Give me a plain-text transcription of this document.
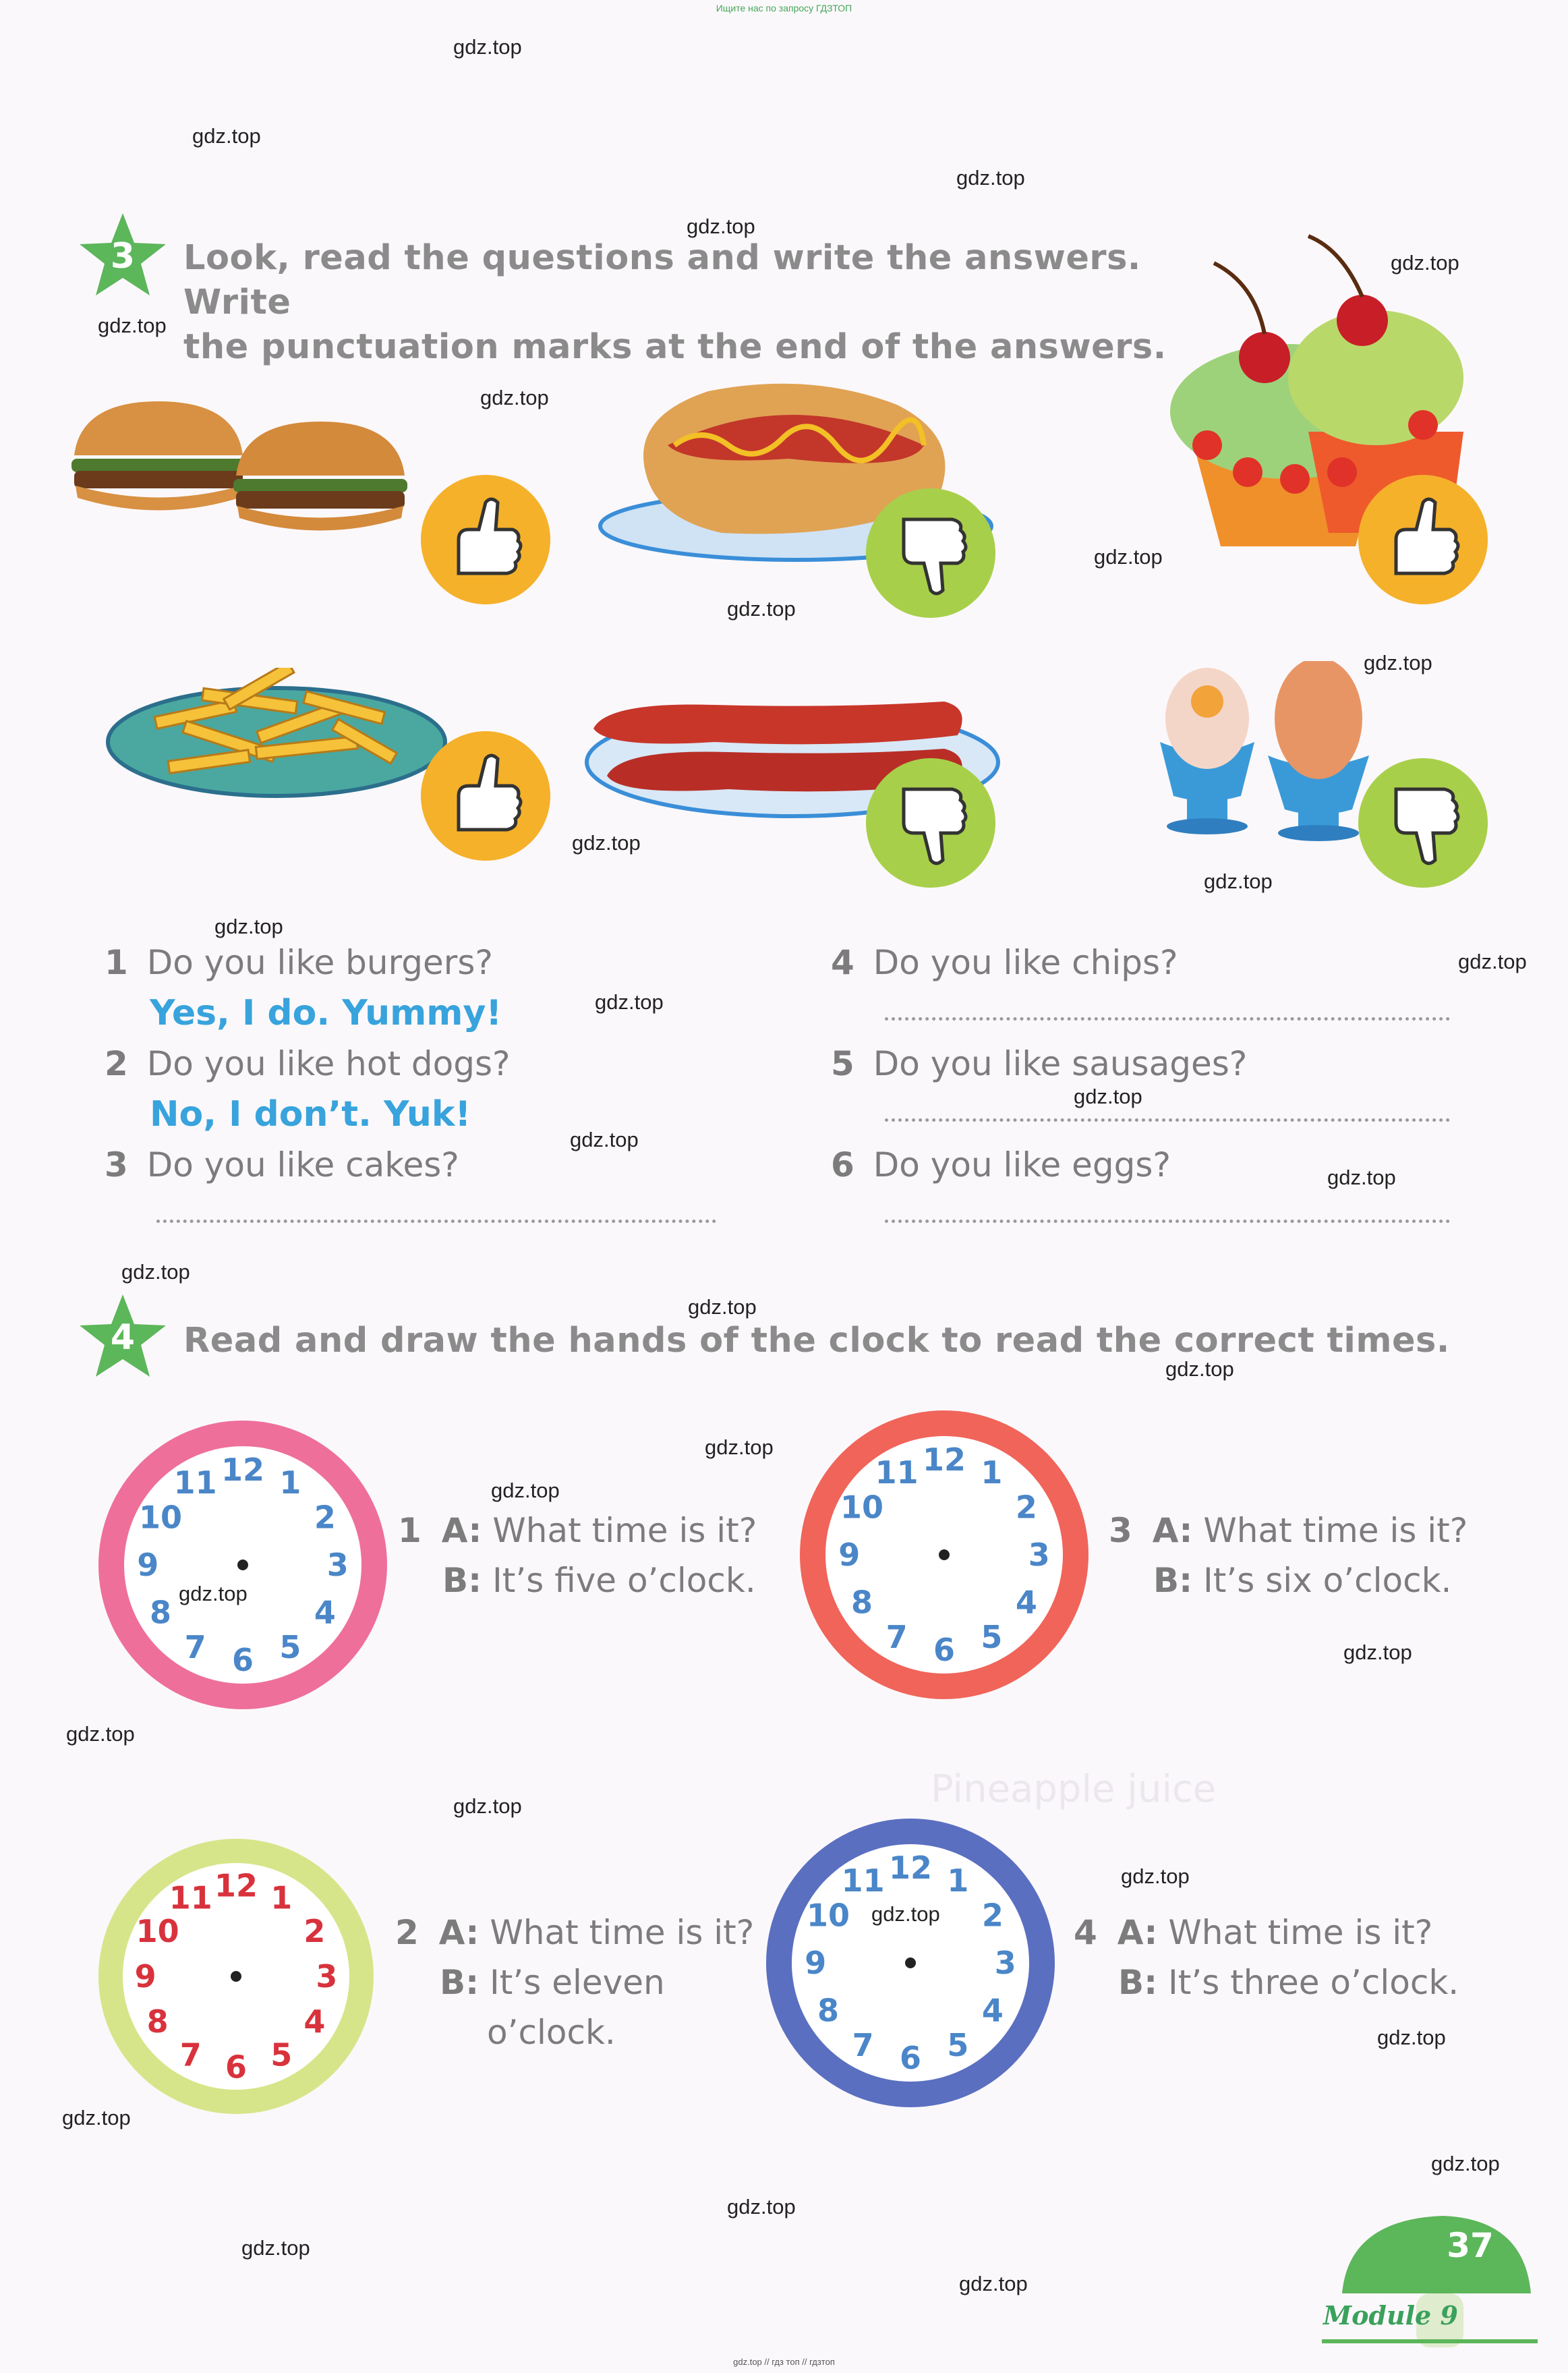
Pineapple juice
Ищите нас по запросу ГДЗТОП
gdz.top // гдз топ // гдзтоп
3	Look, read the questions and write the answers. Write
the punctuation marks at the end of the answers.
1 Do you like burgers?
Yes, I do. Yummy!
2 Do you like hot dogs?
No, I don’t. Yuk!
3 Do you like cakes?
4 Do you like chips?
5 Do you like sausages?
6 Do you like eggs?
4	Read and draw the hands of the clock to read the correct times.
12 1
2
3
4
5
6
7
8
9
10
11
12 1
2
3
4
5
6
7
8
9
10
11
12 1
2
3
4
5
6
7
8
9
10
11
12 1
2
3
4
5
6
7
8
9
10
11
1 A: What time is it?
B: It’s five o’clock.
2 A: What time is it?
B: It’s eleven
o’clock.
3 A: What time is it?
B: It’s six o’clock.
4 A: What time is it?
B: It’s three o’clock.
37
Module 9
gdz.top
gdz.top
gdz.top
gdz.top
gdz.top
gdz.top
gdz.top
gdz.top
gdz.top
gdz.top
gdz.top
gdz.top
gdz.top
gdz.top
gdz.top
gdz.top
gdz.top
gdz.top
gdz.top
gdz.top
gdz.top
gdz.top
gdz.top
gdz.top
gdz.top
gdz.top
gdz.top
gdz.top
gdz.top
gdz.top
gdz.top
gdz.top
gdz.top
gdz.top
gdz.top
